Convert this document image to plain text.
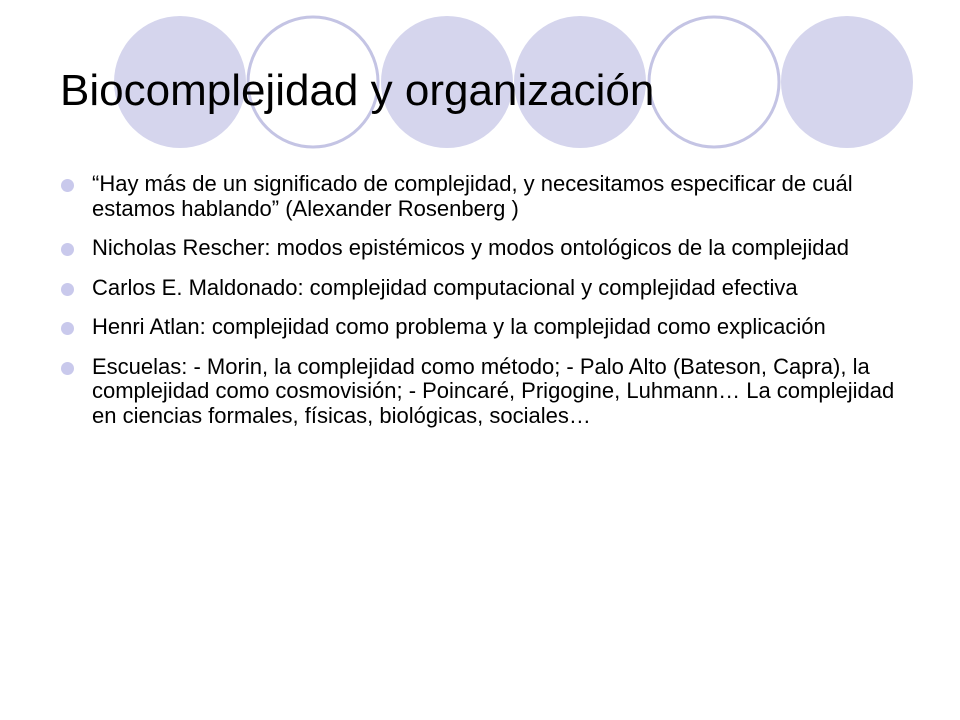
Biocomplejidad y organización
“Hay más de un significado de complejidad, y necesitamos especificar de cuál estamos hablando” (Alexander Rosenberg )
Nicholas Rescher: modos epistémicos y modos ontológicos de la complejidad
Carlos E. Maldonado: complejidad computacional y complejidad efectiva
Henri Atlan: complejidad como problema y la complejidad como explicación
Escuelas: - Morin, la complejidad como método; - Palo Alto (Bateson, Capra), la complejidad como cosmovisión; - Poincaré, Prigogine, Luhmann… La complejidad en ciencias formales, físicas, biológicas, sociales…
